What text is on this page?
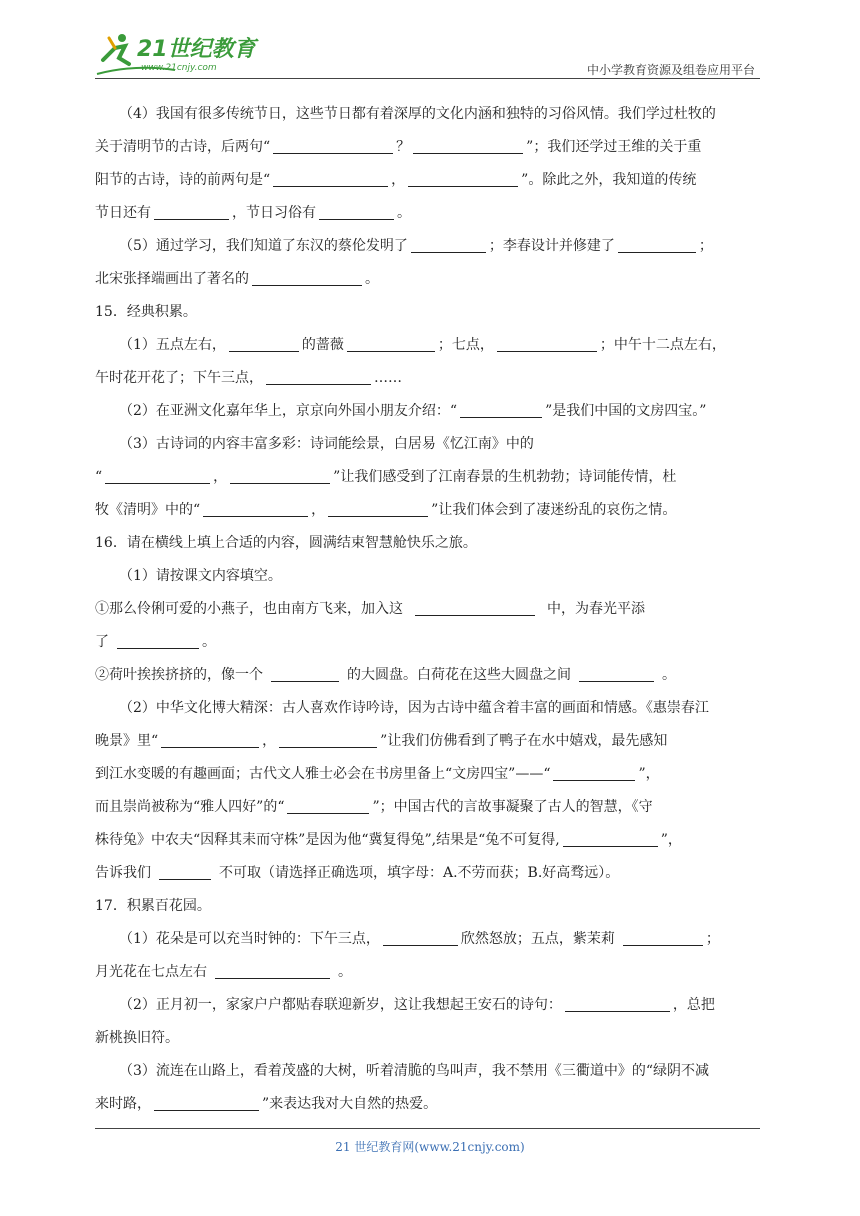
21世纪教育
www.21cnjy.com	中小学教育资源及组卷应用平台
（4）我国有很多传统节日，这些节日都有着深厚的文化内涵和独特的习俗风情。我们学过杜牧的
关于清明节的古诗，后两句“	？	”；我们还学过王维的关于重
阳节的古诗，诗的前两句是“	，	”。除此之外，我知道的传统
节日还有	，节日习俗有	。
（5）通过学习，我们知道了东汉的蔡伦发明了	；李春设计并修建了	；
北宋张择端画出了著名的	。
15．经典积累。
（1）五点左右，	的蔷薇	；七点，	；中午十二点左右，
午时花开花了；下午三点，	……
（2）在亚洲文化嘉年华上，京京向外国小朋友介绍：“	”是我们中国的文房四宝。”
（3）古诗词的内容丰富多彩：诗词能绘景，白居易《忆江南》中的
“	，	”让我们感受到了江南春景的生机勃勃；诗词能传情，杜
牧《清明》中的“	，	”让我们体会到了凄迷纷乱的哀伤之情。
16．请在横线上填上合适的内容，圆满结束智慧舱快乐之旅。
（1）请按课文内容填空。
①那么伶俐可爱的小燕子，也由南方飞来，加入这	中，为春光平添
了	。
②荷叶挨挨挤挤的，像一个	的大圆盘。白荷花在这些大圆盘之间	。
（2）中华文化博大精深：古人喜欢作诗吟诗，因为古诗中蕴含着丰富的画面和情感。《惠崇春江
晚景》里“	，	”让我们仿佛看到了鸭子在水中嬉戏，最先感知
到江水变暖的有趣画面；古代文人雅士必会在书房里备上“文房四宝”——“	”，
而且崇尚被称为“雅人四好”的“	”；中国古代的言故事凝聚了古人的智慧，《守
株待兔》中农夫“因释其耒而守株”是因为他“冀复得兔”,结果是“兔不可复得,	”，
告诉我们	不可取（请选择正确选项，填字母：A.不劳而获；B.好高骛远）。
17．积累百花园。
（1）花朵是可以充当时钟的：下午三点，	欣然怒放；五点，紫茉莉	；
月光花在七点左右	。
（2）正月初一，家家户户都贴春联迎新岁，这让我想起王安石的诗句：	，总把
新桃换旧符。
（3）流连在山路上，看着茂盛的大树，听着清脆的鸟叫声，我不禁用《三衢道中》的“绿阴不减
来时路，	”来表达我对大自然的热爱。
21 世纪教育网(www.21cnjy.com)
